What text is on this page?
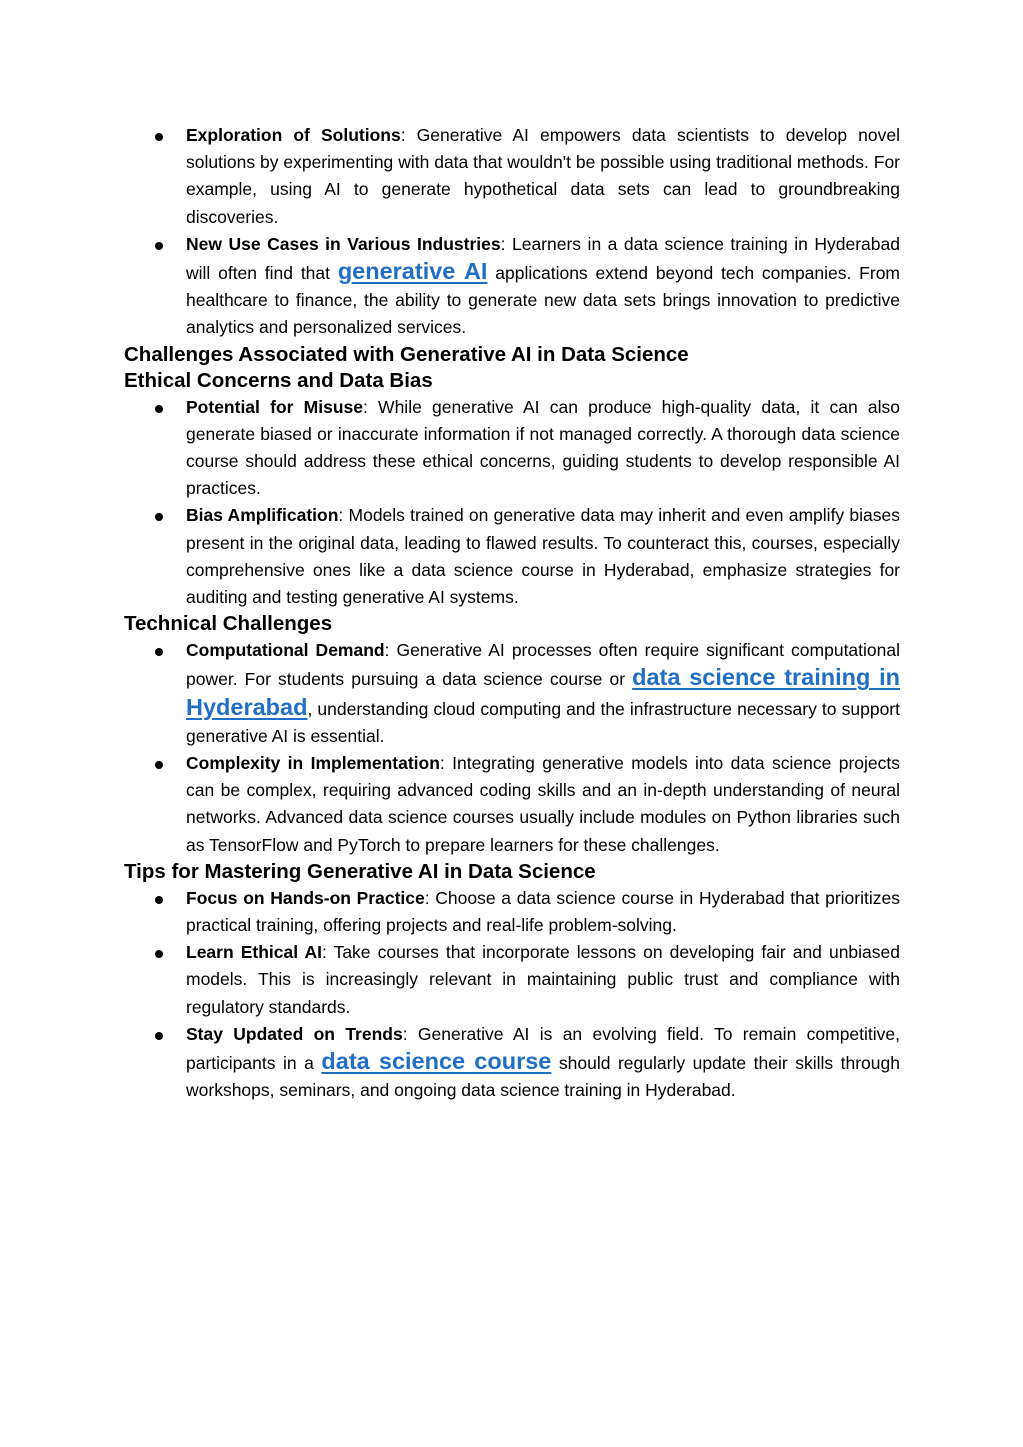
Exploration of Solutions: Generative AI empowers data scientists to develop novel solutions by experimenting with data that wouldn't be possible using traditional methods. For example, using AI to generate hypothetical data sets can lead to groundbreaking discoveries.
New Use Cases in Various Industries: Learners in a data science training in Hyderabad will often find that generative AI applications extend beyond tech companies. From healthcare to finance, the ability to generate new data sets brings innovation to predictive analytics and personalized services.
Challenges Associated with Generative AI in Data Science
Ethical Concerns and Data Bias
Potential for Misuse: While generative AI can produce high-quality data, it can also generate biased or inaccurate information if not managed correctly. A thorough data science course should address these ethical concerns, guiding students to develop responsible AI practices.
Bias Amplification: Models trained on generative data may inherit and even amplify biases present in the original data, leading to flawed results. To counteract this, courses, especially comprehensive ones like a data science course in Hyderabad, emphasize strategies for auditing and testing generative AI systems.
Technical Challenges
Computational Demand: Generative AI processes often require significant computational power. For students pursuing a data science course or data science training in Hyderabad, understanding cloud computing and the infrastructure necessary to support generative AI is essential.
Complexity in Implementation: Integrating generative models into data science projects can be complex, requiring advanced coding skills and an in-depth understanding of neural networks. Advanced data science courses usually include modules on Python libraries such as TensorFlow and PyTorch to prepare learners for these challenges.
Tips for Mastering Generative AI in Data Science
Focus on Hands-on Practice: Choose a data science course in Hyderabad that prioritizes practical training, offering projects and real-life problem-solving.
Learn Ethical AI: Take courses that incorporate lessons on developing fair and unbiased models. This is increasingly relevant in maintaining public trust and compliance with regulatory standards.
Stay Updated on Trends: Generative AI is an evolving field. To remain competitive, participants in a data science course should regularly update their skills through workshops, seminars, and ongoing data science training in Hyderabad.
